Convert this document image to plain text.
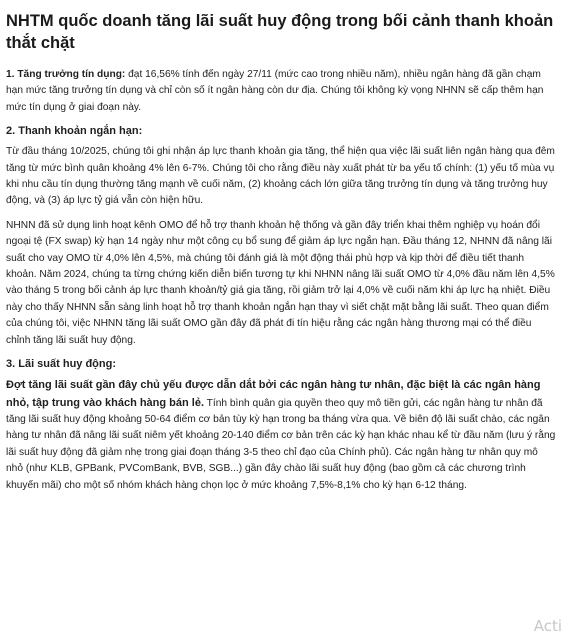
NHTM quốc doanh tăng lãi suất huy động trong bối cảnh thanh khoản thắt chặt

1. Tăng trưởng tín dụng: đạt 16,56% tính đến ngày 27/11 (mức cao trong nhiều năm), nhiều ngân hàng đã gần chạm hạn mức tăng trưởng tín dụng và chỉ còn số ít ngân hàng còn dư địa. Chúng tôi không kỳ vọng NHNN sẽ cấp thêm hạn mức tín dụng ở giai đoạn này.

2. Thanh khoản ngắn hạn:

Từ đầu tháng 10/2025, chúng tôi ghi nhận áp lực thanh khoản gia tăng, thể hiện qua việc lãi suất liên ngân hàng qua đêm tăng từ mức bình quân khoảng 4% lên 6-7%. Chúng tôi cho rằng điều này xuất phát từ ba yếu tố chính: (1) yếu tố mùa vụ khi nhu cầu tín dụng thường tăng mạnh về cuối năm, (2) khoảng cách lớn giữa tăng trưởng tín dụng và tăng trưởng huy động, và (3) áp lực tỷ giá vẫn còn hiện hữu.

NHNN đã sử dụng linh hoạt kênh OMO để hỗ trợ thanh khoản hệ thống và gần đây triển khai thêm nghiệp vụ hoán đổi ngoại tệ (FX swap) kỳ hạn 14 ngày như một công cụ bổ sung để giảm áp lực ngắn hạn. Đầu tháng 12, NHNN đã nâng lãi suất cho vay OMO từ 4,0% lên 4,5%, mà chúng tôi đánh giá là một động thái phù hợp và kịp thời để điều tiết thanh khoản. Năm 2024, chúng ta từng chứng kiến diễn biến tương tự khi NHNN nâng lãi suất OMO từ 4,0% đầu năm lên 4,5% vào tháng 5 trong bối cảnh áp lực thanh khoản/tỷ giá gia tăng, rồi giảm trở lại 4,0% về cuối năm khi áp lực hạ nhiệt. Điều này cho thấy NHNN sẵn sàng linh hoạt hỗ trợ thanh khoản ngắn hạn thay vì siết chặt mặt bằng lãi suất. Theo quan điểm của chúng tôi, việc NHNN tăng lãi suất OMO gần đây đã phát đi tín hiệu rằng các ngân hàng thương mại có thể điều chỉnh tăng lãi suất huy động.

3. Lãi suất huy động:

Đợt tăng lãi suất gần đây chủ yếu được dẫn dắt bởi các ngân hàng tư nhân, đặc biệt là các ngân hàng nhỏ, tập trung vào khách hàng bán lẻ. Tính bình quân gia quyền theo quy mô tiền gửi, các ngân hàng tư nhân đã tăng lãi suất huy động khoảng 50-64 điểm cơ bản tùy kỳ hạn trong ba tháng vừa qua. Về biên độ lãi suất chào, các ngân hàng tư nhân đã nâng lãi suất niêm yết khoảng 20-140 điểm cơ bản trên các kỳ hạn khác nhau kể từ đầu năm (lưu ý rằng lãi suất huy động đã giảm nhẹ trong giai đoạn tháng 3-5 theo chỉ đạo của Chính phủ). Các ngân hàng tư nhân quy mô nhỏ (như KLB, GPBank, PVComBank, BVB, SGB...) gần đây chào lãi suất huy động (bao gồm cả các chương trình khuyến mãi) cho một số nhóm khách hàng chọn lọc ở mức khoảng 7,5%-8,1% cho kỳ hạn 6-12 tháng.

Acti
